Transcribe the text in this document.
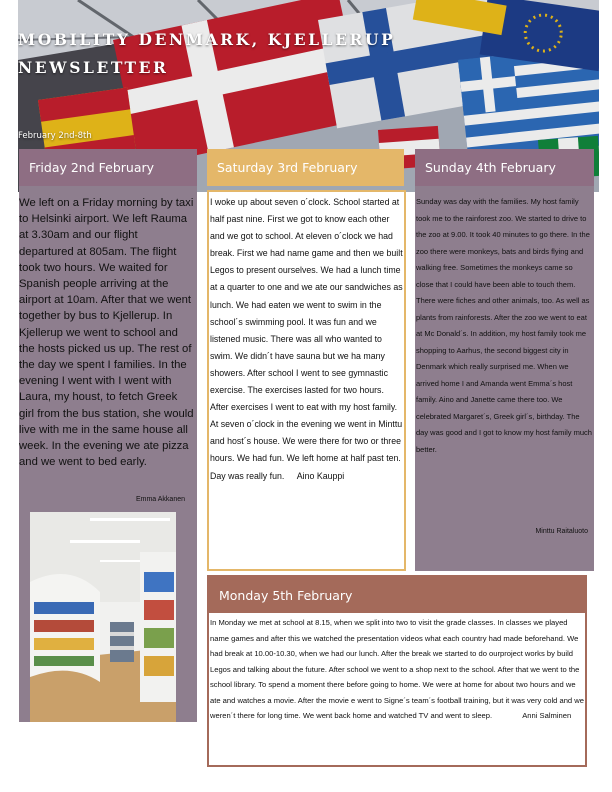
MOBILITY DENMARK, KJELLERUP NEWSLETTER
February 2nd-8th
Friday 2nd February
We left on a Friday morning by taxi to Helsinki airport. We left Rauma at 3.30am and our flight departured at 805am. The flight took two hours. We waited for Spanish people arriving at the airport at 10am. After that we went together by bus to Kjellerup. In Kjellerup we went to school and the hosts picked us up. The rest of the day we spent I families. In the evening I went with I went with Laura, my houst, to fetch Greek girl from the bus station, she would live with me in the same house all week. In the evening we ate pizza and we went to bed early.
Emma Akkanen
Saturday 3rd February
I woke up about seven o´clock. School started at half past nine. First we got to know each other and we got to school. At eleven o´clock we had break. First we had name game and then we built Legos to present ourselves. We had a lunch time at a quarter to one and we ate our sandwiches as lunch. We had eaten we went to swim in the school´s swimming pool. It was fun and we listened music. There was all who wanted to swim. We didn´t have sauna but we ha many showers. After school I went to see gymnastic exercise. The exercises lasted for two hours. After exercises I went to eat with my host family. At seven o´clock in the evening we went in Minttu and host´s house. We were there for two or three hours. We had fun. We left home at half past ten. Day was really fun. Aino Kauppi
Sunday 4th February
Sunday was day with the families. My host family took me to the rainforest zoo. We started to drive to the zoo at 9.00. It took 40 minutes to go there. In the zoo there were monkeys, bats and birds flying and walking free. Sometimes the monkeys came so close that I could have been able to touch them. There were fiches and other animals, too. As well as plants from rainforests. After the zoo we went to eat at Mc Donald´s. In addition, my host family took me shopping to Aarhus, the second biggest city in Denmark which really surprised me. When we arrived home I and Amanda went Emma´s host family. Aino and Janette came there too. We celebrated Margaret´s, Greek girl´s, birthday. The day was good and I got to know my host family much better.
Minttu Raitaluoto
Monday 5th February
In Monday we met at school at 8.15, when we split into two to visit the grade classes. In classes we played name games and after this we watched the presentation videos what each country had made beforehand. We had break at 10.00-10.30, when we had our lunch. After the break we started to do ourproject works by build Legos and talking about the future. After school we went to a shop next to the school. After that we went to the school library. To spend a moment there before going to home. We were at home for about two hours and we ate and watches a movie. After the movie e went to Signe´s team´s football training, but it was very cold and we weren´t there for long time. We went back home and watched TV and went to sleep.	Anni Salminen
